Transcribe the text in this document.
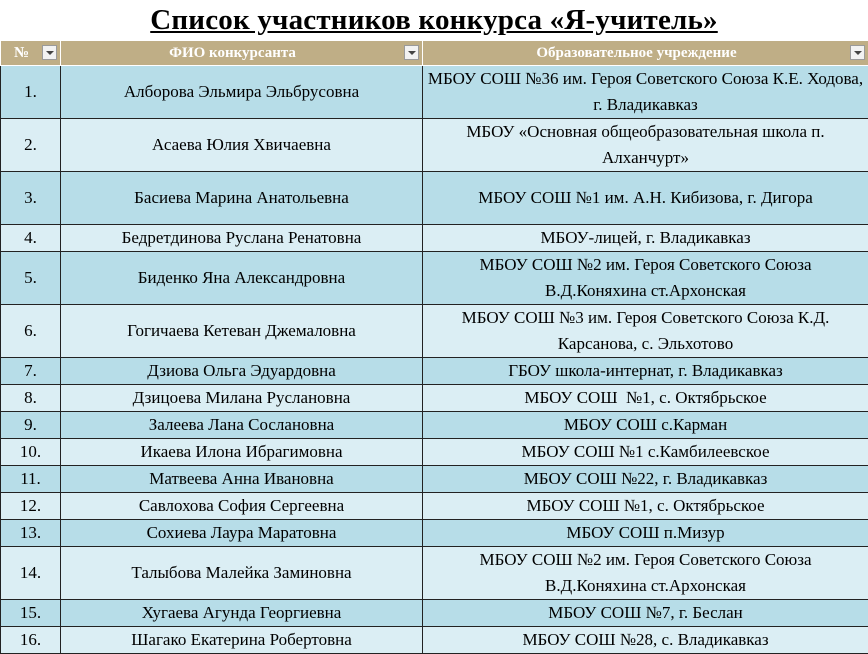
Список участников конкурса «Я-учитель»
№	ФИО конкурсанта	Образовательное учреждение

1.	Алборова Эльмира Эльбрусовна	МБОУ СОШ №36 им. Героя Советского Союза К.Е. Ходова, г. Владикавказ
2.	Асаева Юлия Хвичаевна	МБОУ «Основная общеобразовательная школа п. Алханчурт»
3.	Басиева Марина Анатольевна	МБОУ СОШ №1 им. А.Н. Кибизова, г. Дигора
4.	Бедретдинова Руслана Ренатовна	МБОУ-лицей, г. Владикавказ
5.	Биденко Яна Александровна	МБОУ СОШ №2 им. Героя Советского Союза В.Д.Коняхина ст.Архонская
6.	Гогичаева Кетеван Джемаловна	МБОУ СОШ №3 им. Героя Советского Союза К.Д. Карсанова, с. Эльхотово
7.	Дзиова Ольга Эдуардовна	ГБОУ школа-интернат, г. Владикавказ
8.	Дзицоева Милана Руслановна	МБОУ СОШ  №1, с. Октябрьское
9.	Залеева Лана Сослановна	МБОУ СОШ с.Карман
10.	Икаева Илона Ибрагимовна	МБОУ СОШ №1 с.Камбилеевское
11.	Матвеева Анна Ивановна	МБОУ СОШ №22, г. Владикавказ
12.	Савлохова София Сергеевна	МБОУ СОШ №1, с. Октябрьское
13.	Сохиева Лаура Маратовна	МБОУ СОШ п.Мизур
14.	Талыбова Малейка Заминовна	МБОУ СОШ №2 им. Героя Советского Союза В.Д.Коняхина ст.Архонская
15.	Хугаева Агунда Георгиевна	МБОУ СОШ №7, г. Беслан
16.	Шагако Екатерина Робертовна	МБОУ СОШ №28, с. Владикавказ
